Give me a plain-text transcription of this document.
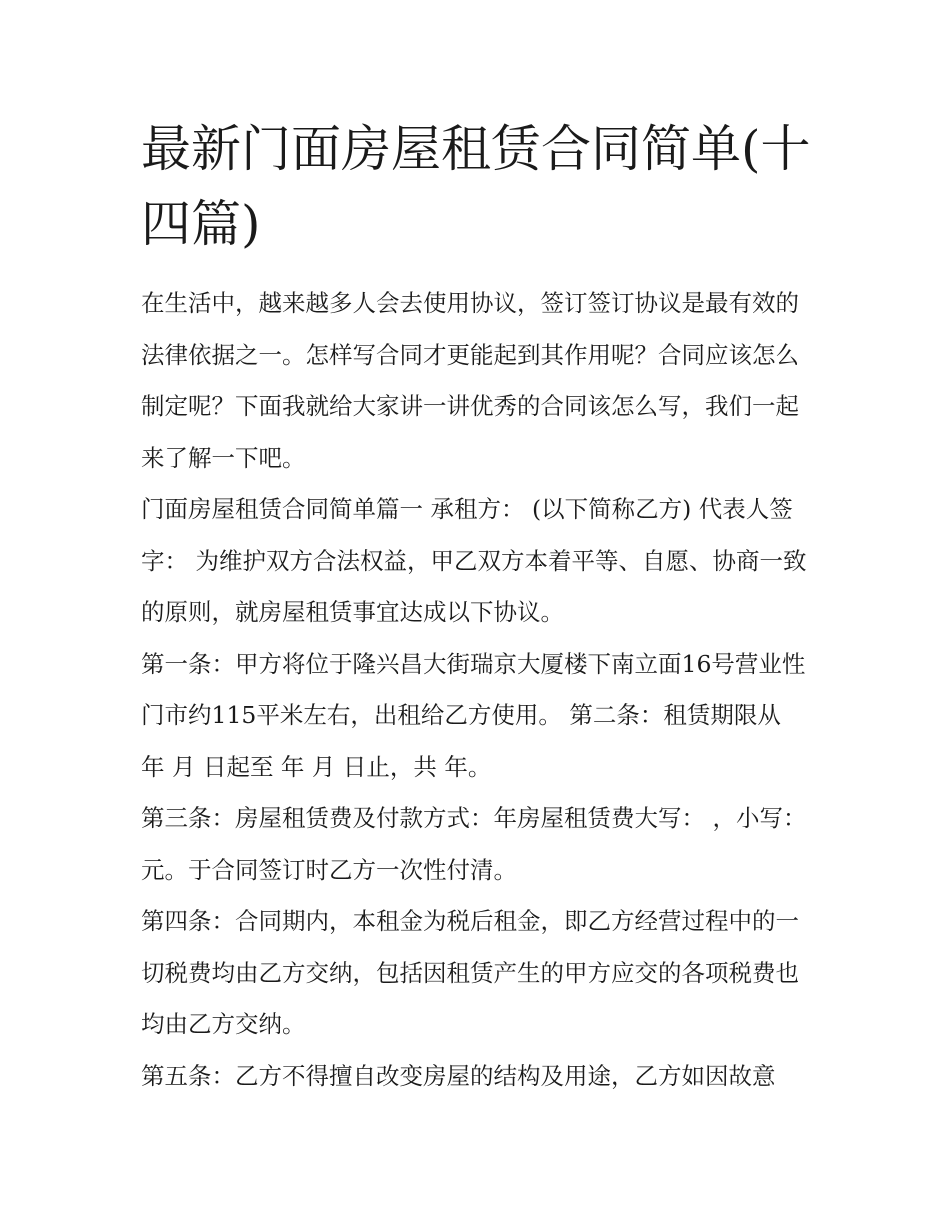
最新门面房屋租赁合同简单(十四篇)

在生活中，越来越多人会去使用协议，签订签订协议是最有效的法律依据之一。怎样写合同才更能起到其作用呢？合同应该怎么制定呢？下面我就给大家讲一讲优秀的合同该怎么写，我们一起来了解一下吧。

门面房屋租赁合同简单篇一 承租方： (以下简称乙方) 代表人签字： 为维护双方合法权益，甲乙双方本着平等、自愿、协商一致的原则，就房屋租赁事宜达成以下协议。

第一条：甲方将位于隆兴昌大街瑞京大厦楼下南立面16号营业性门市约115平米左右，出租给乙方使用。 第二条：租赁期限从 年 月 日起至 年 月 日止，共 年。

第三条：房屋租赁费及付款方式：年房屋租赁费大写： ，小写： 元。于合同签订时乙方一次性付清。

第四条：合同期内，本租金为税后租金，即乙方经营过程中的一切税费均由乙方交纳，包括因租赁产生的甲方应交的各项税费也均由乙方交纳。

第五条：乙方不得擅自改变房屋的结构及用途，乙方如因故意
